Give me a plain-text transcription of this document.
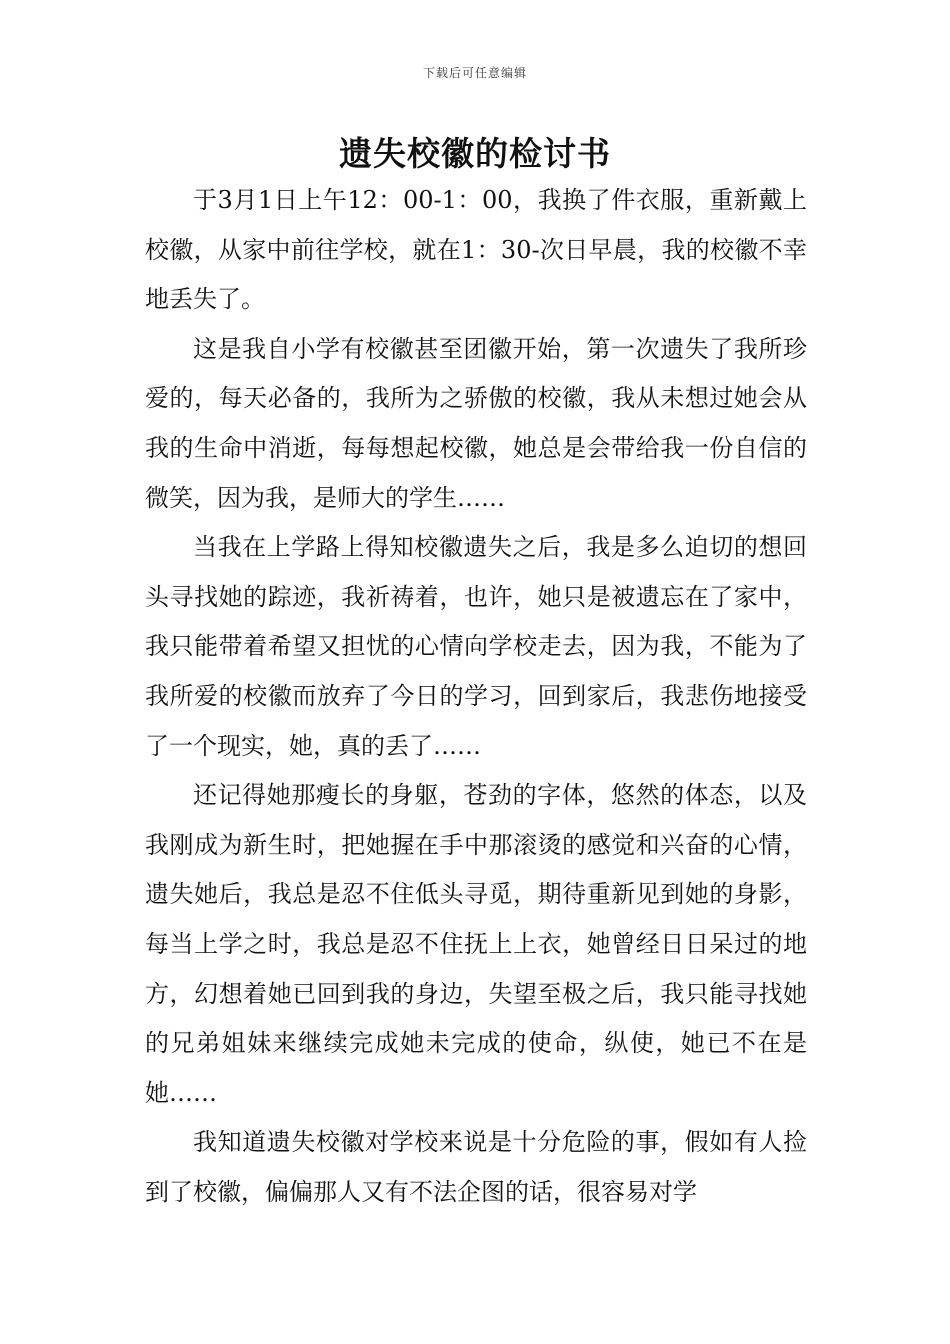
下载后可任意编辑
遗失校徽的检讨书

于3月1日上午12：00-1：00，我换了件衣服，重新戴上校徽，从家中前往学校，就在1：30-次日早晨，我的校徽不幸地丢失了。

这是我自小学有校徽甚至团徽开始，第一次遗失了我所珍爱的，每天必备的，我所为之骄傲的校徽，我从未想过她会从我的生命中消逝，每每想起校徽，她总是会带给我一份自信的微笑，因为我，是师大的学生……

当我在上学路上得知校徽遗失之后，我是多么迫切的想回头寻找她的踪迹，我祈祷着，也许，她只是被遗忘在了家中，我只能带着希望又担忧的心情向学校走去，因为我，不能为了我所爱的校徽而放弃了今日的学习，回到家后，我悲伤地接受了一个现实，她，真的丢了……

还记得她那瘦长的身躯，苍劲的字体，悠然的体态，以及我刚成为新生时，把她握在手中那滚烫的感觉和兴奋的心情，遗失她后，我总是忍不住低头寻觅，期待重新见到她的身影，每当上学之时，我总是忍不住抚上上衣，她曾经日日呆过的地方，幻想着她已回到我的身边，失望至极之后，我只能寻找她的兄弟姐妹来继续完成她未完成的使命，纵使，她已不在是她……

我知道遗失校徽对学校来说是十分危险的事，假如有人捡到了校徽，偏偏那人又有不法企图的话，很容易对学
